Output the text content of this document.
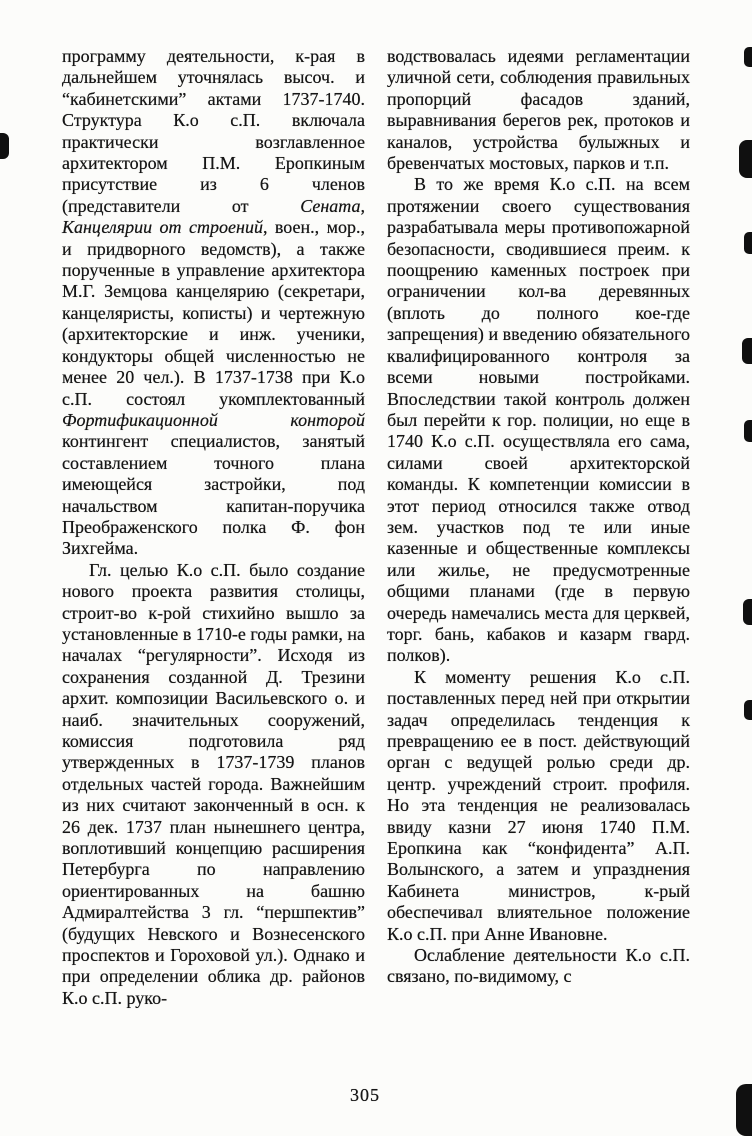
программу деятельности, к-рая в дальнейшем уточнялась высоч. и “кабинетскими” актами 1737-1740. Структура К.о с.П. включала практически возглавленное архитектором П.М. Еропкиным присутствие из 6 членов (представители от Сената, Канцелярии от строений, воен., мор., и придворного ведомств), а также порученные в управление архитектора М.Г. Земцова канцелярию (секретари, канцеляристы, кописты) и чертежную (архитекторские и инж. ученики, кондукторы общей численностью не менее 20 чел.). В 1737-1738 при К.о с.П. состоял укомплектованный Фортификационной конторой контингент специалистов, занятый составлением точного плана имеющейся застройки, под начальством капитан-поручика Преображенского полка Ф. фон Зихгейма.

Гл. целью К.о с.П. было создание нового проекта развития столицы, строит-во к-рой стихийно вышло за установленные в 1710-е годы рамки, на началах “регулярности”. Исходя из сохранения созданной Д. Трезини архит. композиции Васильевского о. и наиб. значительных сооружений, комиссия подготовила ряд утвержденных в 1737-1739 планов отдельных частей города. Важнейшим из них считают законченный в осн. к 26 дек. 1737 план нынешнего центра, воплотивший концепцию расширения Петербурга по направлению ориентированных на башню Адмиралтейства 3 гл. “першпектив” (будущих Невского и Вознесенского проспектов и Гороховой ул.). Однако и при определении облика др. районов К.о с.П. руко-

водствовалась идеями регламентации уличной сети, соблюдения правильных пропорций фасадов зданий, выравнивания берегов рек, протоков и каналов, устройства булыжных и бревенчатых мостовых, парков и т.п.

В то же время К.о с.П. на всем протяжении своего существования разрабатывала меры противопожарной безопасности, сводившиеся преим. к поощрению каменных построек при ограничении кол-ва деревянных (вплоть до полного кое-где запрещения) и введению обязательного квалифицированного контроля за всеми новыми постройками. Впоследствии такой контроль должен был перейти к гор. полиции, но еще в 1740 К.о с.П. осуществляла его сама, силами своей архитекторской команды. К компетенции комиссии в этот период относился также отвод зем. участков под те или иные казенные и общественные комплексы или жилье, не предусмотренные общими планами (где в первую очередь намечались места для церквей, торг. бань, кабаков и казарм гвард. полков).

К моменту решения К.о с.П. поставленных перед ней при открытии задач определилась тенденция к превращению ее в пост. действующий орган с ведущей ролью среди др. центр. учреждений строит. профиля. Но эта тенденция не реализовалась ввиду казни 27 июня 1740 П.М. Еропкина как “конфидента” А.П. Волынского, а затем и упразднения Кабинета министров, к-рый обеспечивал влиятельное положение К.о с.П. при Анне Ивановне.

Ослабление деятельности К.о с.П. связано, по-видимому, с

305
